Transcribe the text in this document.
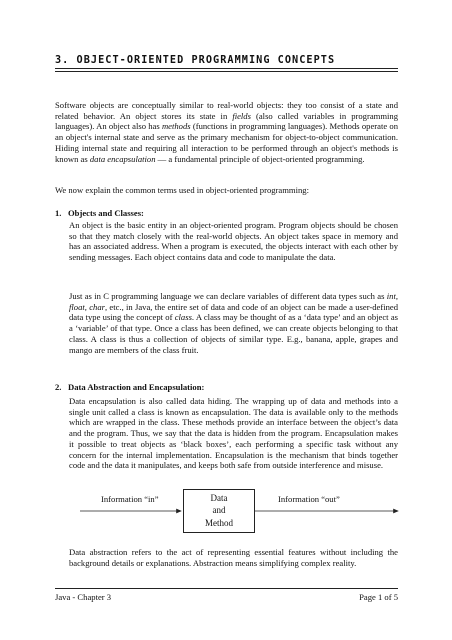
3. OBJECT-ORIENTED PROGRAMMING CONCEPTS
Software objects are conceptually similar to real-world objects: they too consist of a state and related behavior. An object stores its state in fields (also called variables in programming languages). An object also has methods (functions in programming languages). Methods operate on an object's internal state and serve as the primary mechanism for object-to-object communication. Hiding internal state and requiring all interaction to be performed through an object's methods is known as data encapsulation — a fundamental principle of object-oriented programming.
We now explain the common terms used in object-oriented programming:
1. Objects and Classes:
An object is the basic entity in an object-oriented program. Program objects should be chosen so that they match closely with the real-world objects. An object takes space in memory and has an associated address. When a program is executed, the objects interact with each other by sending messages. Each object contains data and code to manipulate the data.
Just as in C programming language we can declare variables of different data types such as int, float, char, etc., in Java, the entire set of data and code of an object can be made a user-defined data type using the concept of class. A class may be thought of as a ‘data type’ and an object as a ‘variable’ of that type. Once a class has been defined, we can create objects belonging to that class. A class is thus a collection of objects of similar type. E.g., banana, apple, grapes and mango are members of the class fruit.
2. Data Abstraction and Encapsulation:
Data encapsulation is also called data hiding. The wrapping up of data and methods into a single unit called a class is known as encapsulation. The data is available only to the methods which are wrapped in the class. These methods provide an interface between the object’s data and the program. Thus, we say that the data is hidden from the program. Encapsulation makes it possible to treat objects as ‘black boxes’, each performing a specific task without any concern for the internal implementation. Encapsulation is the mechanism that binds together code and the data it manipulates, and keeps both safe from outside interference and misuse.
Information “in”	Data
and
Method
Information “out”
Data abstraction refers to the act of representing essential features without including the background details or explanations. Abstraction means simplifying complex reality.
Java - Chapter 3	Page 1 of 5
